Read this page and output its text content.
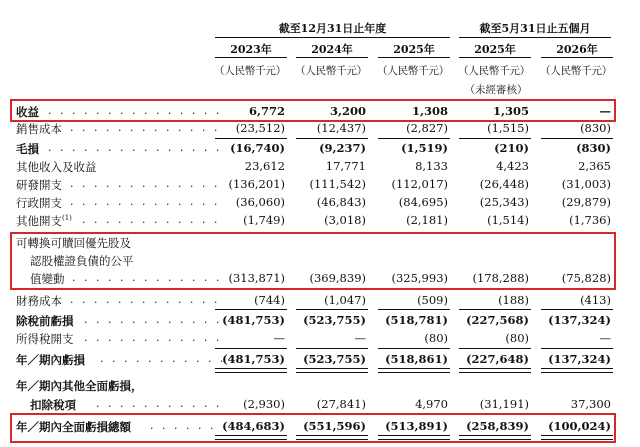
截至12月31日止年度	截至5月31日止五個月
2023年	2024年	2025年	2025年	2026年
（人民幣千元） （人民幣千元） （人民幣千元） （人民幣千元） （人民幣千元）
（未經審核）
收益 . . . . . . . . . . . . . . .	6,772	3,200	1,308	1,305	—
銷售成本 . . . . . . . . . . . . .	(23,512)	(12,437)	(2,827)	(1,515)	(830)
毛損 . . . . . . . . . . . . . . . (16,740)	(9,237)	(1,519)	(210)	(830)
其他收入及收益	23,612	17,771	8,133	4,423	2,365
研發開支 . . . . . . . . . . . . . (136,201)	(111,542)	(112,017)	(26,448)	(31,003)
行政開支 . . . . . . . . . . . . .	(36,060)	(46,843)	(84,695)	(25,343)	(29,879)
其他開支$^{(1)}$ . . . . . . . . . . . .	(1,749)	(3,018)	(2,181)	(1,514)	(1,736)
可轉換可贖回優先股及
認股權證負債的公平
值變動 . . . . . . . . . . . . . (313,871)	(369,839)	(325,993)	(178,288)	(75,828)
財務成本 . . . . . . . . . . . . .	(744)	(1,047)	(509)	(188)	(413)
除稅前虧損 . . . . . . . . . . . . (481,753)	(523,755)	(518,781)	(227,568)	(137,324)
所得稅開支 . . . . . . . . . . . .	—	—	(80)	(80)	—
年／期內虧損 . . . . . . . . . . .
(481,753)	(523,755)	(518,861)	(227,648)	(137,324)
年／期內其他全面虧損，
扣除稅項 . . . . . . . . . . .	(2,930)	(27,841)	4,970	(31,191)	37,300
年／期內全面虧損總額 . . . . . . (484,683)	(551,596)	(513,891)	(258,839)	(100,024)
